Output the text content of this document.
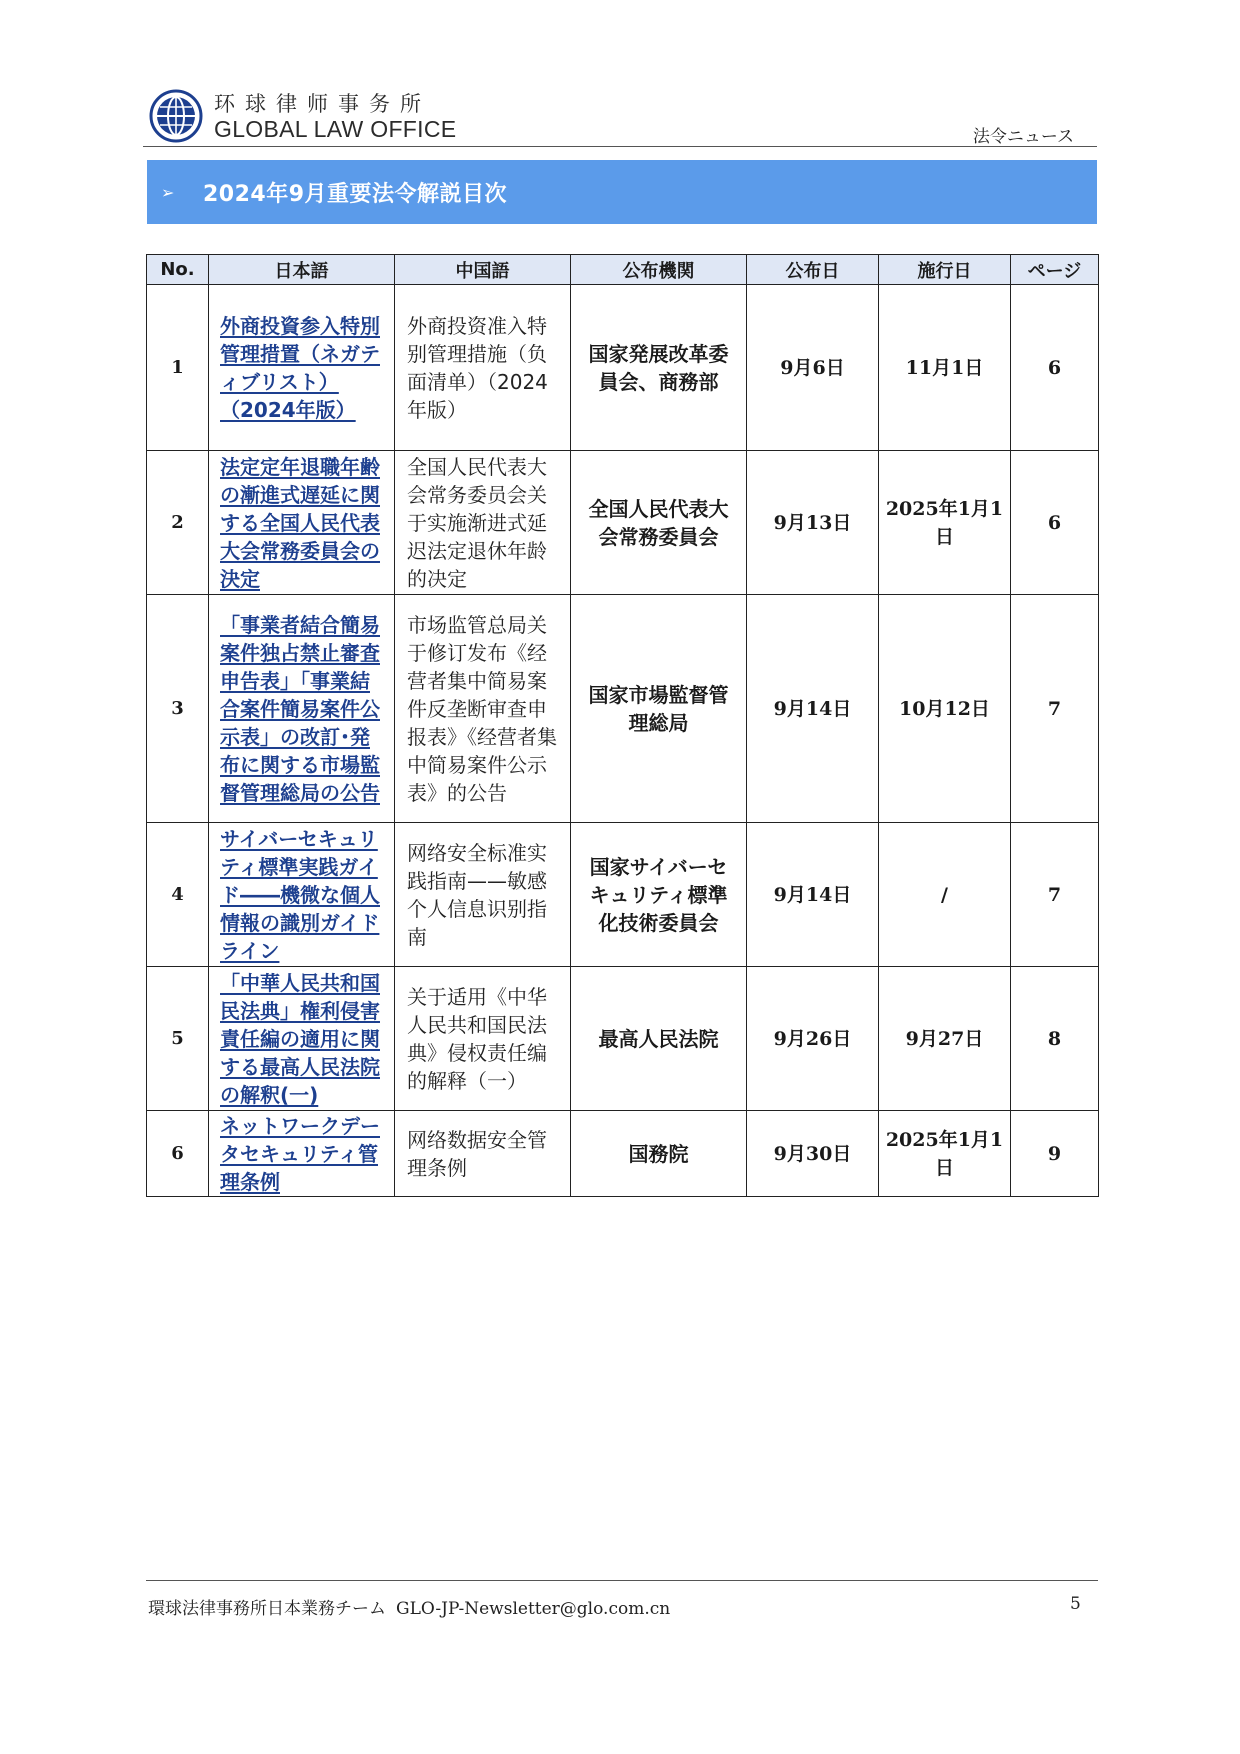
环球律师事务所
GLOBAL LAW OFFICE	法令ニュース
➢	2024年9月重要法令解説目次
No.	日本語	中国語	公布機関	公布日	施行日	ページ
1	外商投資参入特別管理措置（ネガティブリスト）（2024年版）	外商投资准入特别管理措施（负面清单）（2024年版）	国家発展改革委員会、商務部	9月6日	11月1日	6
2	法定定年退職年齢の漸進式遅延に関する全国人民代表大会常務委員会の決定	全国人民代表大会常务委员会关于实施渐进式延迟法定退休年龄的决定	全国人民代表大会常務委員会	9月13日	2025年1月1日	6
3	「事業者結合簡易案件独占禁止審査申告表」「事業結合案件簡易案件公示表」の改訂･発布に関する市場監督管理総局の公告	市场监管总局关于修订发布《经营者集中简易案件反垄断审查申报表》《经营者集中简易案件公示表》的公告	国家市場監督管理総局	9月14日	10月12日	7
4	サイバーセキュリティ標準実践ガイド――機微な個人情報の識別ガイドライン	网络安全标准实践指南——敏感个人信息识别指南	国家サイバーセキュリティ標準化技術委員会	9月14日	/	7
5	「中華人民共和国民法典」権利侵害責任編の適用に関する最高人民法院の解釈(一)	关于适用《中华人民共和国民法典》侵权责任编的解释（一）	最高人民法院	9月26日	9月27日	8
6	ネットワークデータセキュリティ管理条例	网络数据安全管理条例	国務院	9月30日	2025年1月1日	9
環球法律事務所日本業務チーム GLO-JP-Newsletter@glo.com.cn	5
